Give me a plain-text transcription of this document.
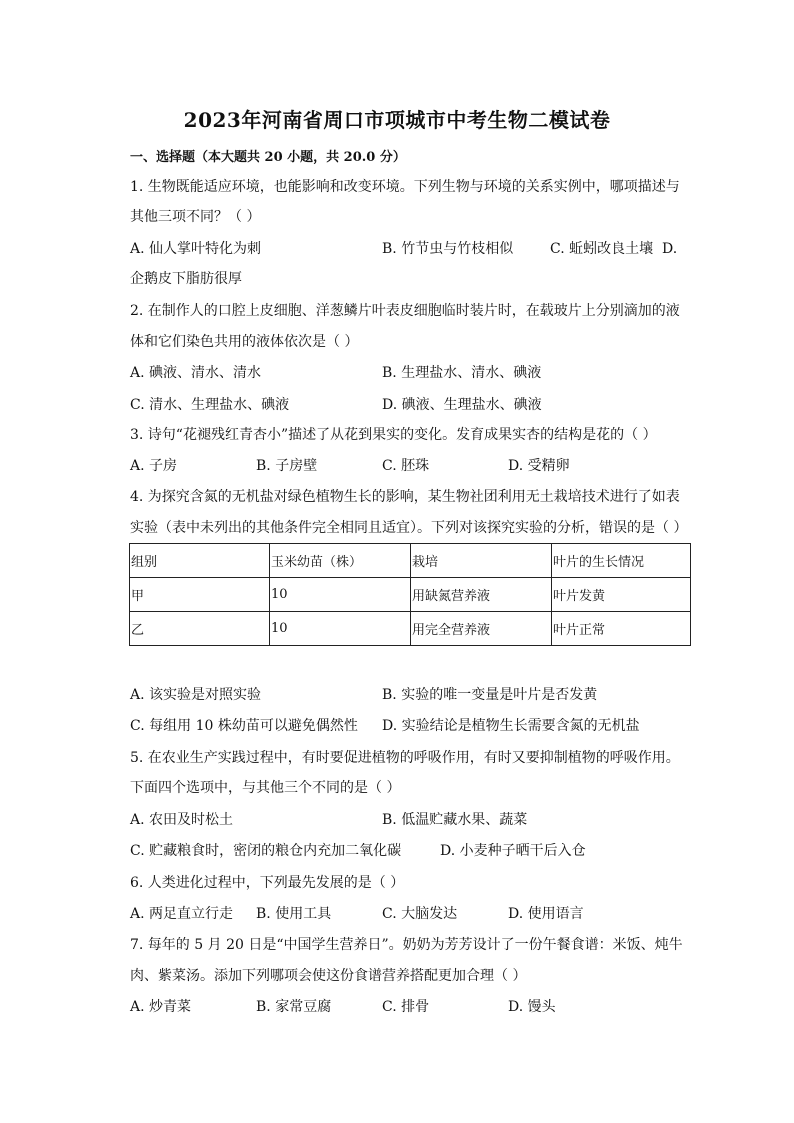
2023年河南省周口市项城市中考生物二模试卷
一、选择题（本大题共 20 小题，共 20.0 分）
1. 生物既能适应环境，也能影响和改变环境。下列生物与环境的关系实例中，哪项描述与
其他三项不同？（ ）
A. 仙人掌叶特化为刺	B. 竹节虫与竹枝相似	C. 蚯蚓改良土壤 D.
企鹅皮下脂肪很厚
2. 在制作人的口腔上皮细胞、洋葱鳞片叶表皮细胞临时装片时，在载玻片上分别滴加的液
体和它们染色共用的液体依次是（ ）
A. 碘液、清水、清水	B. 生理盐水、清水、碘液
C. 清水、生理盐水、碘液	D. 碘液、生理盐水、碘液
3. 诗句“花褪残红青杏小”描述了从花到果实的变化。发育成果实杏的结构是花的（ ）
A. 子房	B. 子房壁	C. 胚珠	D. 受精卵
4. 为探究含氮的无机盐对绿色植物生长的影响，某生物社团利用无土栽培技术进行了如表
实验（表中未列出的其他条件完全相同且适宜）。下列对该探究实验的分析，错误的是（ ）
组别	玉米幼苗（株）	栽培	叶片的生长情况
甲	10	用缺氮营养液	叶片发黄
乙	10	用完全营养液	叶片正常
A. 该实验是对照实验	B. 实验的唯一变量是叶片是否发黄
C. 每组用 10 株幼苗可以避免偶然性 D. 实验结论是植物生长需要含氮的无机盐
5. 在农业生产实践过程中，有时要促进植物的呼吸作用，有时又要抑制植物的呼吸作用。
下面四个选项中，与其他三个不同的是（ ）
A. 农田及时松土	B. 低温贮藏水果、蔬菜
C. 贮藏粮食时，密闭的粮仓内充加二氧化碳	D. 小麦种子晒干后入仓
6. 人类进化过程中，下列最先发展的是（ ）
A. 两足直立行走 B. 使用工具	C. 大脑发达	D. 使用语言
7. 每年的 5 月 20 日是“中国学生营养日”。奶奶为芳芳设计了一份午餐食谱：米饭、炖牛
肉、紫菜汤。添加下列哪项会使这份食谱营养搭配更加合理（ ）
A. 炒青菜	B. 家常豆腐	C. 排骨	D. 馒头
